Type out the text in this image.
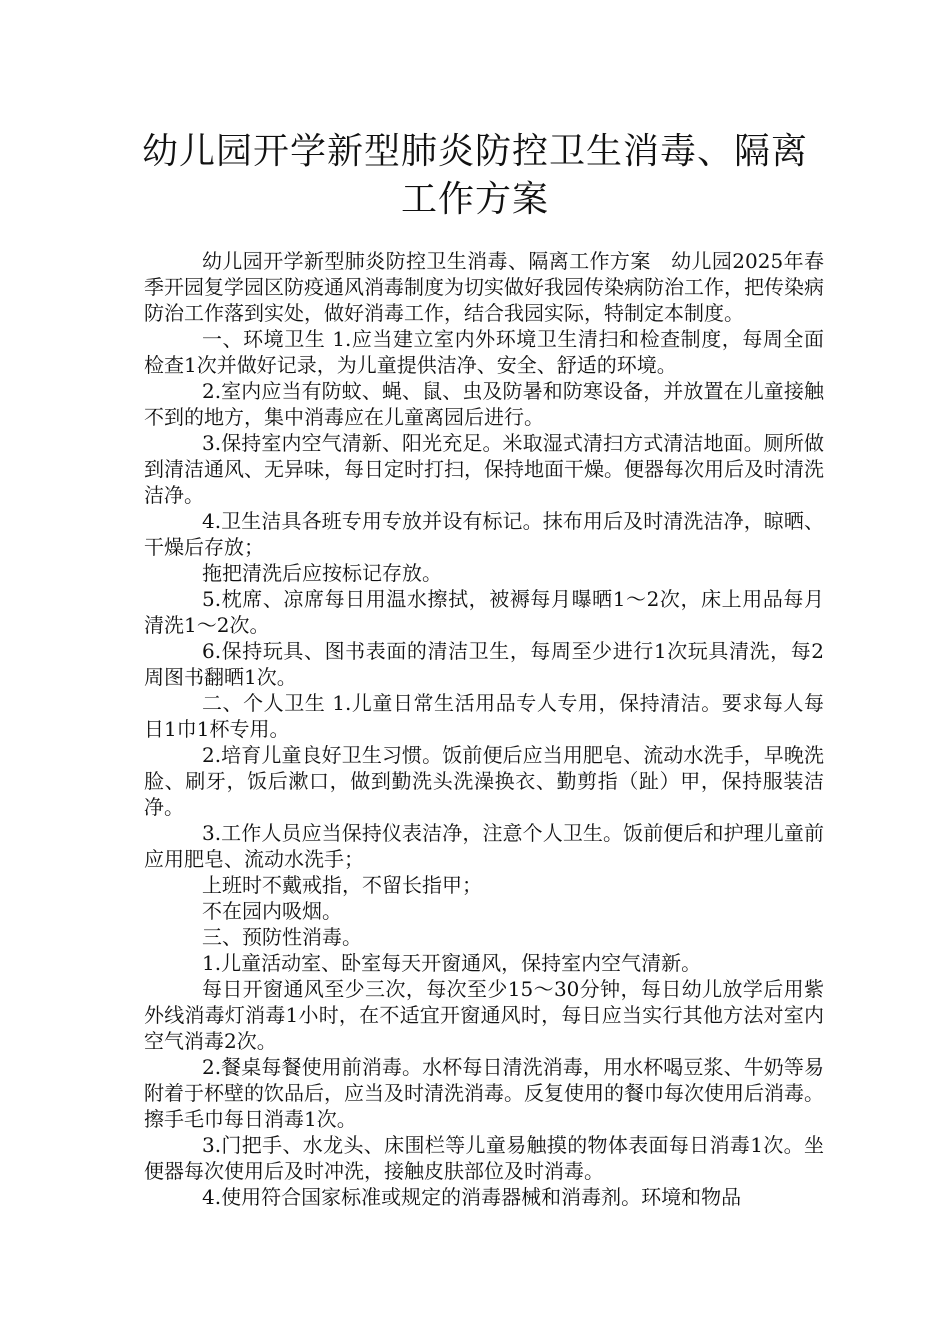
幼儿园开学新型肺炎防控卫生消毒、隔离
工作方案

幼儿园开学新型肺炎防控卫生消毒、隔离工作方案　幼儿园2025年春季开园复学园区防疫通风消毒制度为切实做好我园传染病防治工作，把传染病防治工作落到实处，做好消毒工作，结合我园实际，特制定本制度。

一、环境卫生 1.应当建立室内外环境卫生清扫和检查制度，每周全面检查1次并做好记录，为儿童提供洁净、安全、舒适的环境。

2.室内应当有防蚊、蝇、鼠、虫及防暑和防寒设备，并放置在儿童接触不到的地方，集中消毒应在儿童离园后进行。

3.保持室内空气清新、阳光充足。米取湿式清扫方式清洁地面。厕所做到清洁通风、无异味，每日定时打扫，保持地面干燥。便器每次用后及时清洗洁净。

4.卫生洁具各班专用专放并设有标记。抹布用后及时清洗洁净，晾晒、干燥后存放；

拖把清洗后应按标记存放。

5.枕席、凉席每日用温水擦拭，被褥每月曝晒1〜2次，床上用品每月清洗1〜2次。

6.保持玩具、图书表面的清洁卫生，每周至少进行1次玩具清洗，每2周图书翻晒1次。

二、个人卫生 1.儿童日常生活用品专人专用，保持清洁。要求每人每日1巾1杯专用。

2.培育儿童良好卫生习惯。饭前便后应当用肥皂、流动水洗手，早晚洗脸、刷牙，饭后漱口，做到勤洗头洗澡换衣、勤剪指（趾）甲，保持服装洁净。

3.工作人员应当保持仪表洁净，注意个人卫生。饭前便后和护理儿童前应用肥皂、流动水洗手；

上班时不戴戒指，不留长指甲；

不在园内吸烟。

三、预防性消毒。

1.儿童活动室、卧室每天开窗通风，保持室内空气清新。

每日开窗通风至少三次，每次至少15〜30分钟，每日幼儿放学后用紫外线消毒灯消毒1小时，在不适宜开窗通风时，每日应当实行其他方法对室内空气消毒2次。

2.餐桌每餐使用前消毒。水杯每日清洗消毒，用水杯喝豆浆、牛奶等易附着于杯壁的饮品后，应当及时清洗消毒。反复使用的餐巾每次使用后消毒。擦手毛巾每日消毒1次。

3.门把手、水龙头、床围栏等儿童易触摸的物体表面每日消毒1次。坐便器每次使用后及时冲洗，接触皮肤部位及时消毒。

4.使用符合国家标准或规定的消毒器械和消毒剂。环境和物品
